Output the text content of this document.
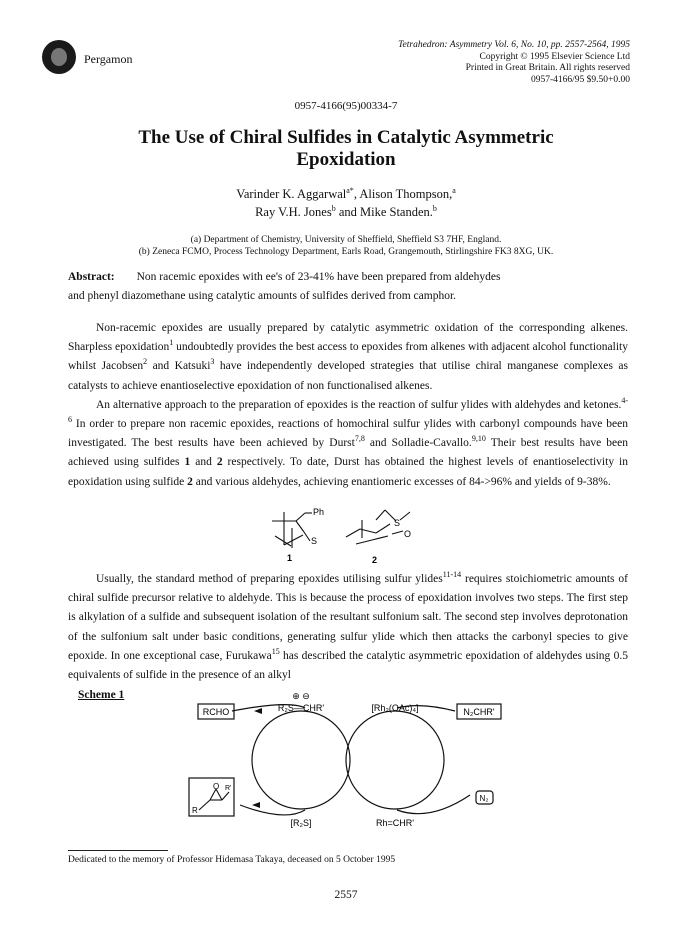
Pergamon
Tetrahedron: Asymmetry Vol. 6, No. 10, pp. 2557-2564, 1995
Copyright © 1995 Elsevier Science Ltd
Printed in Great Britain. All rights reserved
0957-4166/95 $9.50+0.00
0957-4166(95)00334-7
The Use of Chiral Sulfides in Catalytic Asymmetric
Epoxidation
Varinder K. Aggarwal$^{a*}$, Alison Thompson,$^a$
Ray V.H. Jones$^b$ and Mike Standen.$^b$
(a) Department of Chemistry, University of Sheffield, Sheffield S3 7HF, England.
(b) Zeneca FCMO, Process Technology Department, Earls Road, Grangemouth, Stirlingshire FK3 8XG, UK.
Abstract: Non racemic epoxides with ee's of 23-41% have been prepared from aldehydes
and phenyl diazomethane using catalytic amounts of sulfides derived from camphor.

Non-racemic epoxides are usually prepared by catalytic asymmetric oxidation of the corresponding alkenes. Sharpless epoxidation$^1$ undoubtedly provides the best access to epoxides from alkenes with adjacent alcohol functionality whilst Jacobsen$^2$ and Katsuki$^3$ have independently developed strategies that utilise chiral manganese complexes as catalysts to achieve enantioselective epoxidation of non functionalised alkenes.

An alternative approach to the preparation of epoxides is the reaction of sulfur ylides with aldehydes and ketones.$^{4-6}$ In order to prepare non racemic epoxides, reactions of homochiral sulfur ylides with carbonyl compounds have been investigated. The best results have been achieved by Durst$^{7,8}$ and Solladie-Cavallo.$^{9,10}$ Their best results have been achieved using sulfides 1 and 2 respectively. To date, Durst has obtained the highest levels of enantioselectivity in epoxidation using sulfide 2 and various aldehydes, achieving enantiomeric excesses of 84->96% and yields of 9-38%.

Usually, the standard method of preparing epoxides utilising sulfur ylides$^{11-14}$ requires stoichiometric amounts of chiral sulfide precursor relative to aldehyde. This is because the process of epoxidation involves two steps. The first step is alkylation of a sulfide and subsequent isolation of the resultant sulfonium salt. The second step involves deprotonation of the sulfonium salt under basic conditions, generating sulfur ylide which then attacks the carbonyl species to give epoxide. In one exceptional case, Furukawa$^{15}$ has described the catalytic asymmetric epoxidation of aldehydes using 0.5 equivalents of sulfide in the presence of an alkyl

Scheme 1
Ph
S
1
S
O
2
⊕ ⊖
R₂S—CHR'	[Rh₂(OAc)₄]
RCHO	N₂CHR'
[R₂S]	Rh=CHR'
O
R
R'
N₂
Dedicated to the memory of Professor Hidemasa Takaya, deceased on 5 October 1995
2557
